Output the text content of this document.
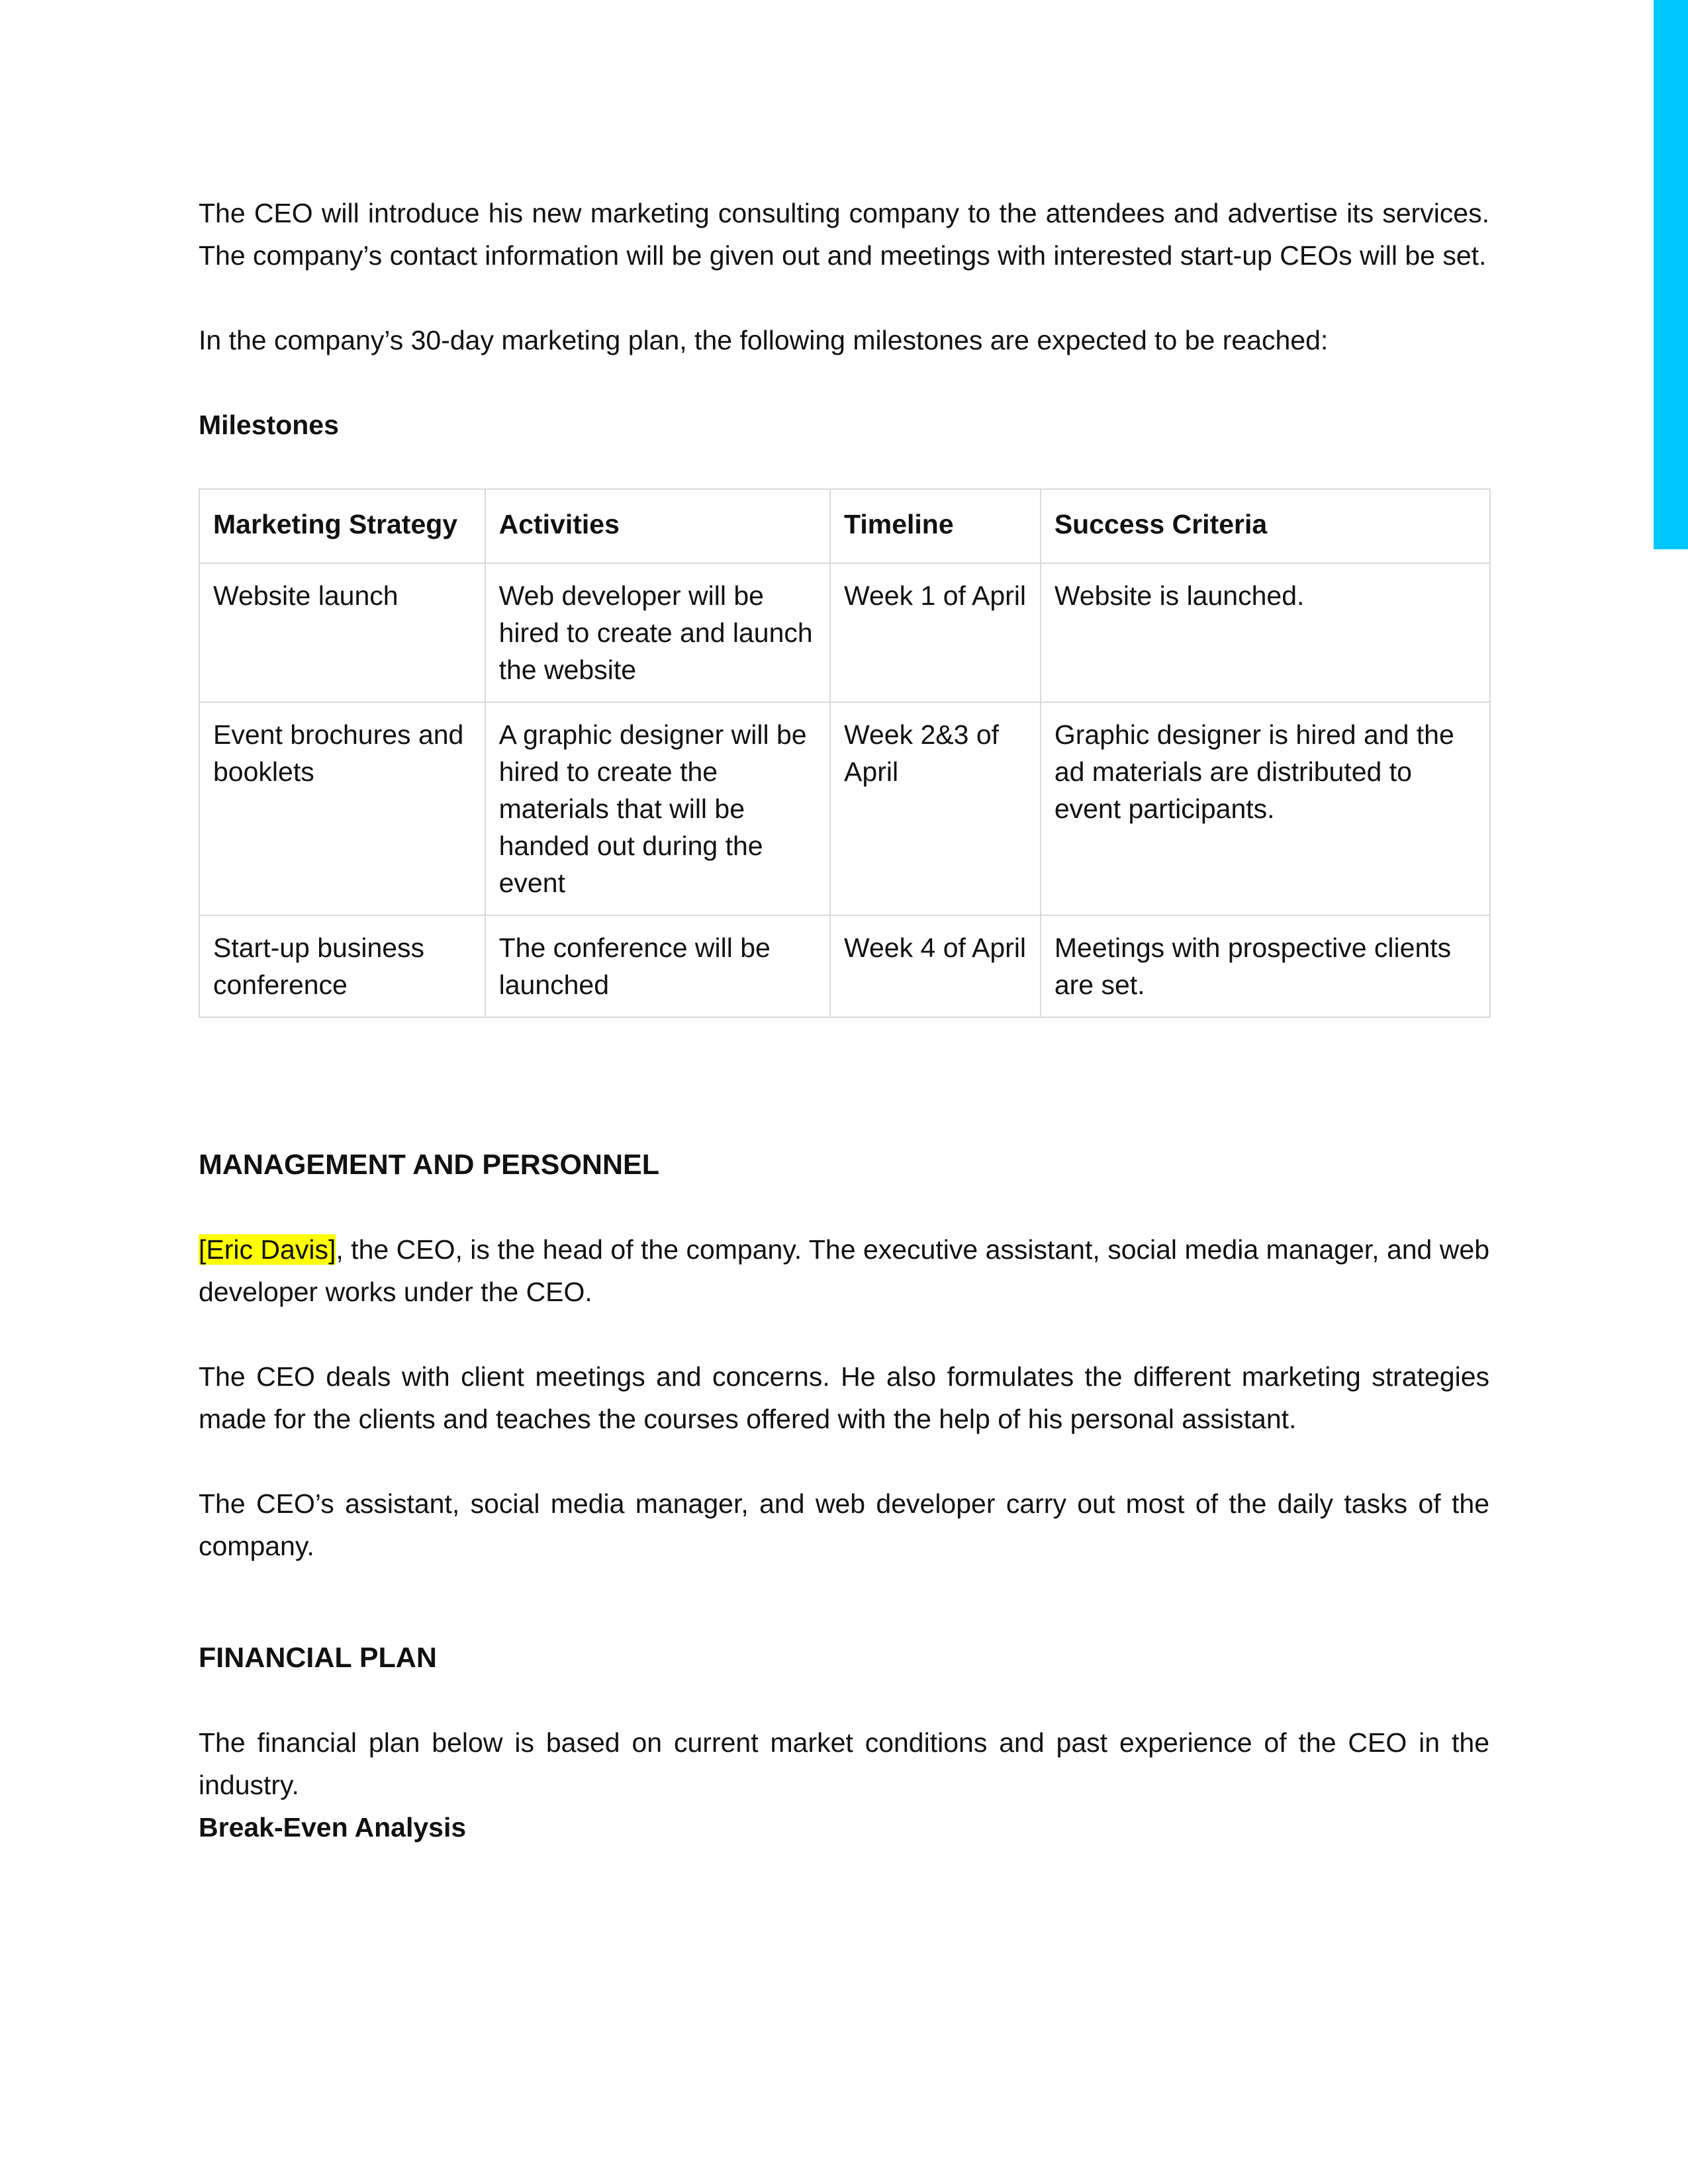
The CEO will introduce his new marketing consulting company to the attendees and advertise its services. The company’s contact information will be given out and meetings with interested start-up CEOs will be set.

In the company’s 30-day marketing plan, the following milestones are expected to be reached:

Milestones

Marketing Strategy	Activities	Timeline	Success Criteria
Website launch	Web developer will be hired to create and launch the website	Week 1 of April	Website is launched.
Event brochures and booklets	A graphic designer will be hired to create the materials that will be handed out during the event	Week 2&3 of April	Graphic designer is hired and the ad materials are distributed to event participants.
Start-up business conference	The conference will be launched	Week 4 of April	Meetings with prospective clients are set.
MANAGEMENT AND PERSONNEL

[Eric Davis], the CEO, is the head of the company. The executive assistant, social media manager, and web developer works under the CEO.

The CEO deals with client meetings and concerns. He also formulates the different marketing strategies made for the clients and teaches the courses offered with the help of his personal assistant.

The CEO’s assistant, social media manager, and web developer carry out most of the daily tasks of the company.

FINANCIAL PLAN

The financial plan below is based on current market conditions and past experience of the CEO in the industry.

Break-Even Analysis
